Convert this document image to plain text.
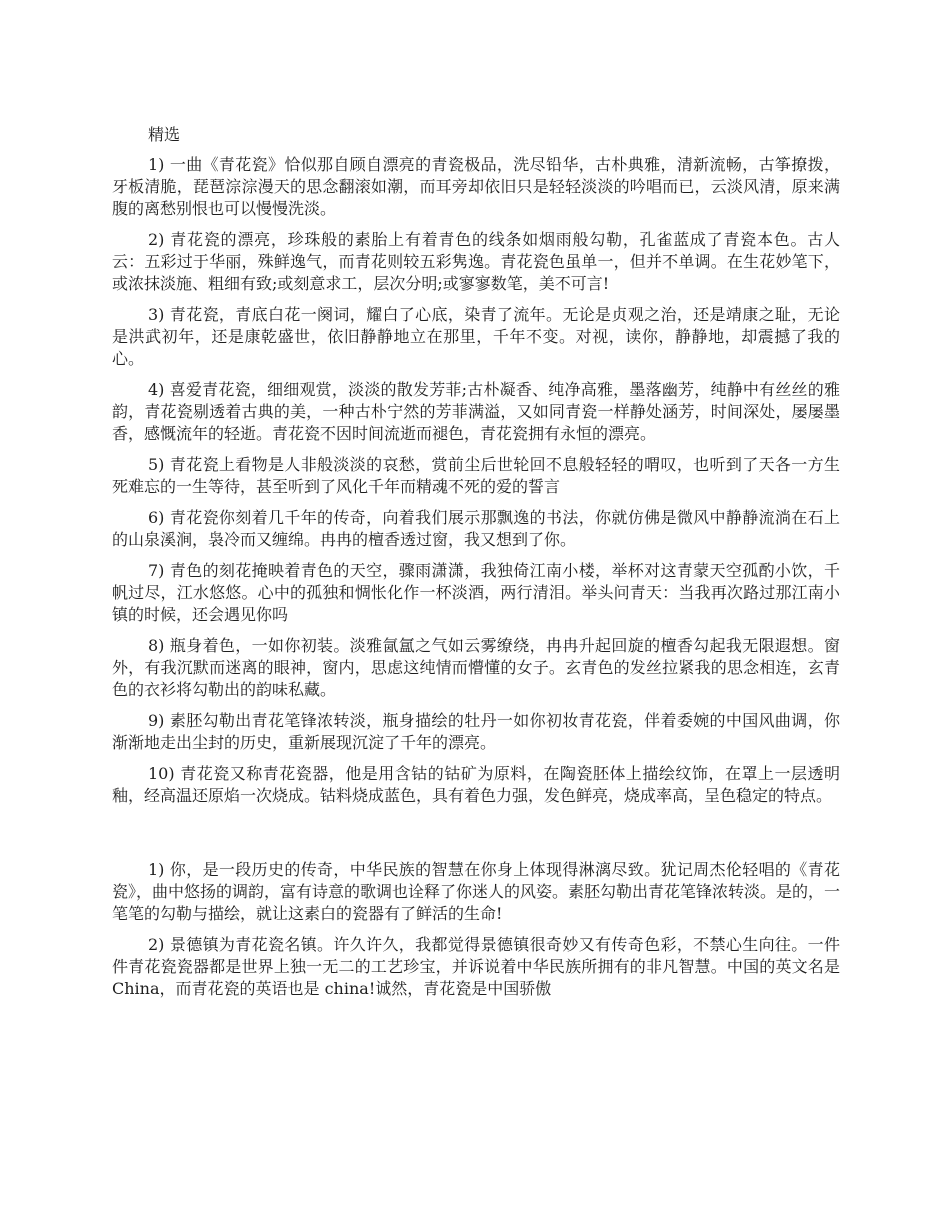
精选

1) 一曲《青花瓷》恰似那自顾自漂亮的青瓷极品，洗尽铅华，古朴典雅，清新流畅，古筝撩拨，牙板清脆，琵琶淙淙漫天的思念翻滚如潮，而耳旁却依旧只是轻轻淡淡的吟唱而已，云淡风清，原来满腹的离愁别恨也可以慢慢洗淡。

2) 青花瓷的漂亮，珍珠般的素胎上有着青色的线条如烟雨般勾勒，孔雀蓝成了青瓷本色。古人云：五彩过于华丽，殊鲜逸气，而青花则较五彩隽逸。青花瓷色虽单一，但并不单调。在生花妙笔下，或浓抹淡施、粗细有致;或刻意求工，层次分明;或寥寥数笔，美不可言!

3) 青花瓷，青底白花一阕词，耀白了心底，染青了流年。无论是贞观之治，还是靖康之耻，无论是洪武初年，还是康乾盛世，依旧静静地立在那里，千年不变。对视，读你，静静地，却震撼了我的心。

4) 喜爱青花瓷，细细观赏，淡淡的散发芳菲;古朴凝香、纯净高雅，墨落幽芳，纯静中有丝丝的雅韵，青花瓷剔透着古典的美，一种古朴宁然的芳菲满溢，又如同青瓷一样静处涵芳，时间深处，屡屡墨香，感慨流年的轻逝。青花瓷不因时间流逝而褪色，青花瓷拥有永恒的漂亮。

5) 青花瓷上看物是人非般淡淡的哀愁，赏前尘后世轮回不息般轻轻的喟叹，也听到了天各一方生死难忘的一生等待，甚至听到了风化千年而精魂不死的爱的誓言

6) 青花瓷你刻着几千年的传奇，向着我们展示那飘逸的书法，你就仿佛是微风中静静流淌在石上的山泉溪涧，袅冷而又缠绵。冉冉的檀香透过窗，我又想到了你。

7) 青色的刻花掩映着青色的天空，骤雨潇潇，我独倚江南小楼，举杯对这青蒙天空孤酌小饮，千帆过尽，江水悠悠。心中的孤独和惆怅化作一杯淡酒，两行清泪。举头问青天：当我再次路过那江南小镇的时候，还会遇见你吗

8) 瓶身着色，一如你初装。淡雅氤氲之气如云雾缭绕，冉冉升起回旋的檀香勾起我无限遐想。窗外，有我沉默而迷离的眼神，窗内，思虑这纯情而懵懂的女子。玄青色的发丝拉紧我的思念相连，玄青色的衣衫将勾勒出的韵味私藏。

9) 素胚勾勒出青花笔锋浓转淡，瓶身描绘的牡丹一如你初妆青花瓷，伴着委婉的中国风曲调，你渐渐地走出尘封的历史，重新展现沉淀了千年的漂亮。

10) 青花瓷又称青花瓷器，他是用含钴的钴矿为原料，在陶瓷胚体上描绘纹饰，在罩上一层透明釉，经高温还原焰一次烧成。钴料烧成蓝色，具有着色力强，发色鲜亮，烧成率高，呈色稳定的特点。

1) 你，是一段历史的传奇，中华民族的智慧在你身上体现得淋漓尽致。犹记周杰伦轻唱的《青花瓷》，曲中悠扬的调韵，富有诗意的歌调也诠释了你迷人的风姿。素胚勾勒出青花笔锋浓转淡。是的，一笔笔的勾勒与描绘，就让这素白的瓷器有了鲜活的生命!

2) 景德镇为青花瓷名镇。许久许久，我都觉得景德镇很奇妙又有传奇色彩，不禁心生向往。一件件青花瓷瓷器都是世界上独一无二的工艺珍宝，并诉说着中华民族所拥有的非凡智慧。中国的英文名是 China，而青花瓷的英语也是 china!诚然，青花瓷是中国骄傲
